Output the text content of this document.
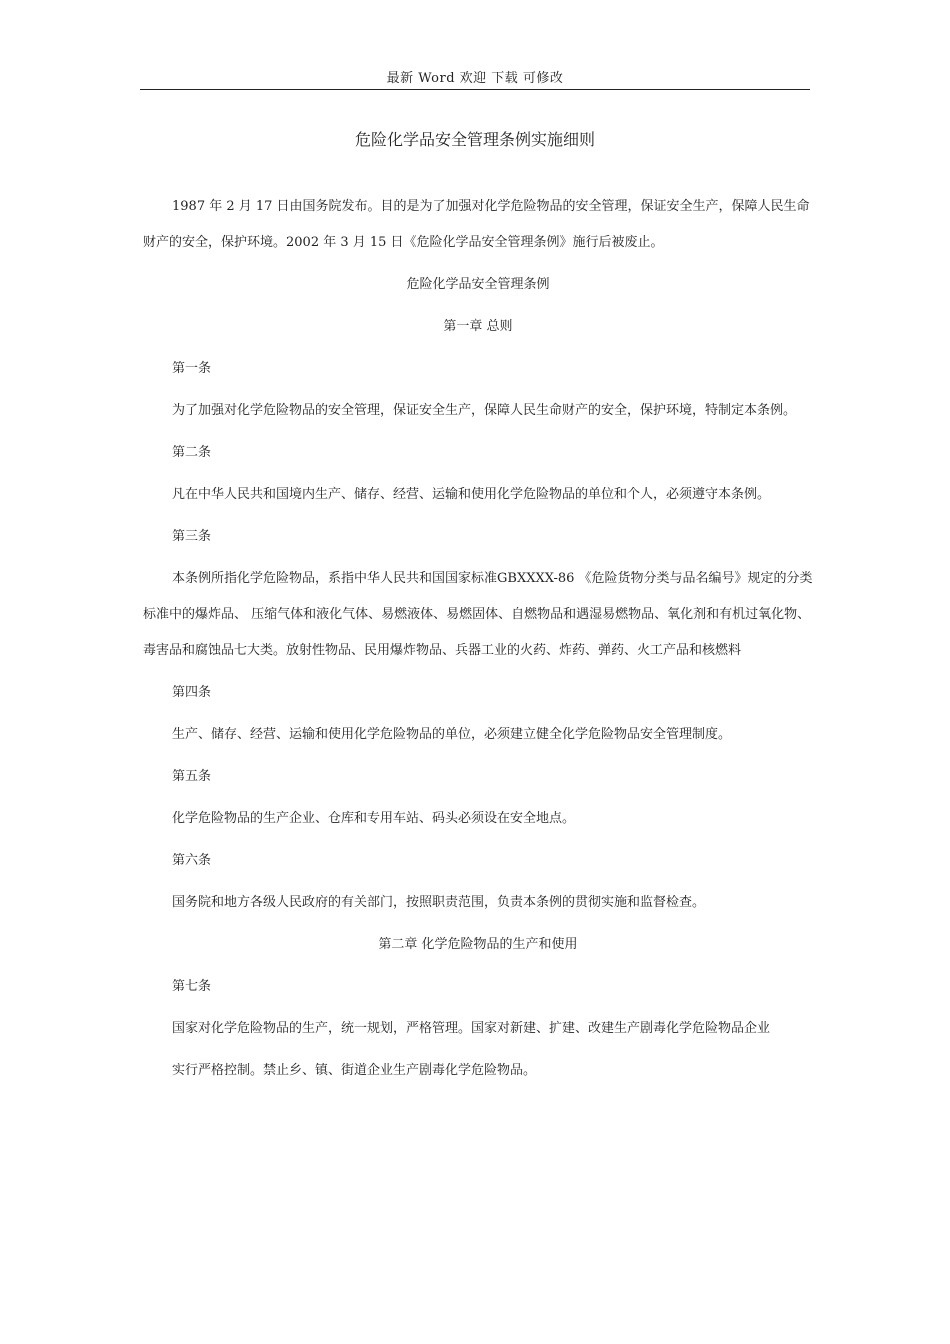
最新 Word 欢迎 下载 可修改
危险化学品安全管理条例实施细则

1987 年 2 月 17 日由国务院发布。目的是为了加强对化学危险物品的安全管理，保证安全生产，保障人民生命财产的安全，保护环境。2002 年 3 月 15 日《危险化学品安全管理条例》施行后被废止。

危险化学品安全管理条例

第一章 总则

第一条

为了加强对化学危险物品的安全管理，保证安全生产，保障人民生命财产的安全，保护环境，特制定本条例。

第二条

凡在中华人民共和国境内生产、储存、经营、运输和使用化学危险物品的单位和个人，必须遵守本条例。

第三条

本条例所指化学危险物品，系指中华人民共和国国家标准GBXXXX-86 《危险货物分类与品名编号》规定的分类标准中的爆炸品、 压缩气体和液化气体、易燃液体、易燃固体、自燃物品和遇湿易燃物品、氧化剂和有机过氧化物、毒害品和腐蚀品七大类。放射性物品、民用爆炸物品、兵器工业的火药、炸药、弹药、火工产品和核燃料

第四条

生产、储存、经营、运输和使用化学危险物品的单位，必须建立健全化学危险物品安全管理制度。

第五条

化学危险物品的生产企业、仓库和专用车站、码头必须设在安全地点。

第六条

国务院和地方各级人民政府的有关部门，按照职责范围，负责本条例的贯彻实施和监督检查。

第二章 化学危险物品的生产和使用

第七条

国家对化学危险物品的生产，统一规划，严格管理。国家对新建、扩建、改建生产剧毒化学危险物品企业

实行严格控制。禁止乡、镇、街道企业生产剧毒化学危险物品。
